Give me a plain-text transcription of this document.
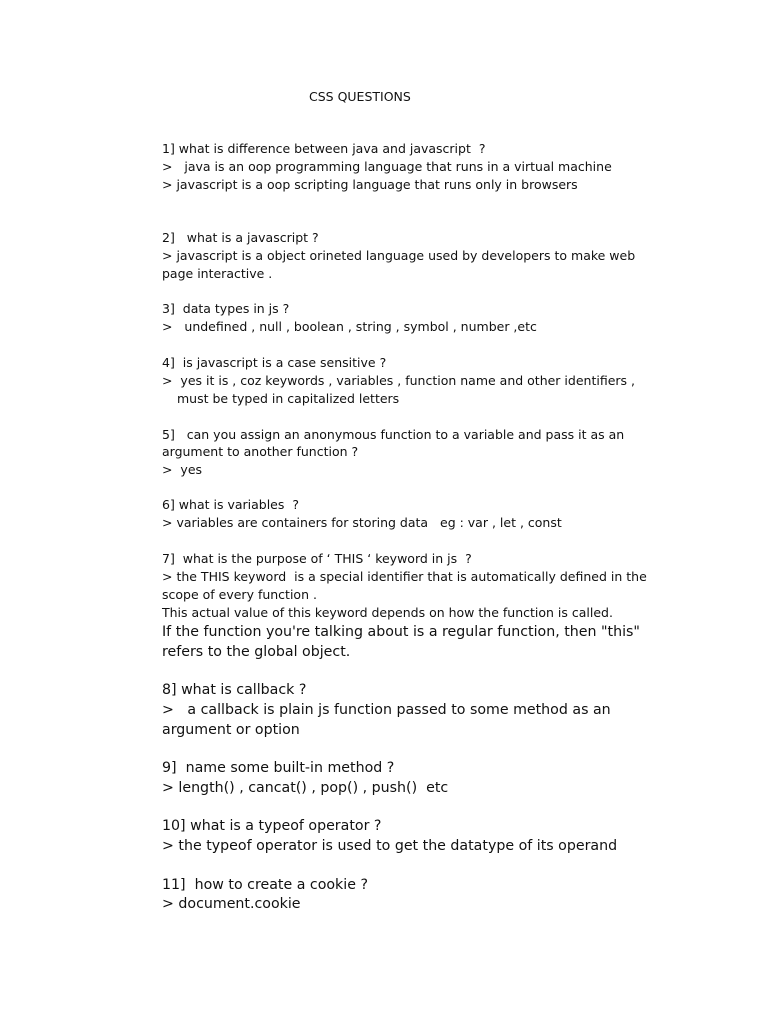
CSS QUESTIONS
1] what is difference between java and javascript  ?
>   java is an oop programming language that runs in a virtual machine
> javascript is a oop scripting language that runs only in browsers
2]   what is a javascript ?
> javascript is a object orineted language used by developers to make web
page interactive .
3]  data types in js ?
>   undefined , null , boolean , string , symbol , number ,etc
4]  is javascript is a case sensitive ?
>  yes it is , coz keywords , variables , function name and other identifiers ,
must be typed in capitalized letters
5]   can you assign an anonymous function to a variable and pass it as an
argument to another function ?
>  yes
6] what is variables  ?
> variables are containers for storing data   eg : var , let , const
7]  what is the purpose of ‘ THIS ‘ keyword in js  ?
> the THIS keyword  is a special identifier that is automatically defined in the
scope of every function .
This actual value of this keyword depends on how the function is called.
If the function you're talking about is a regular function, then "this"
refers to the global object.
8] what is callback ?
>   a callback is plain js function passed to some method as an
argument or option
9]  name some built-in method ?
> length() , cancat() , pop() , push()  etc
10] what is a typeof operator ?
> the typeof operator is used to get the datatype of its operand
11]  how to create a cookie ?
> document.cookie
